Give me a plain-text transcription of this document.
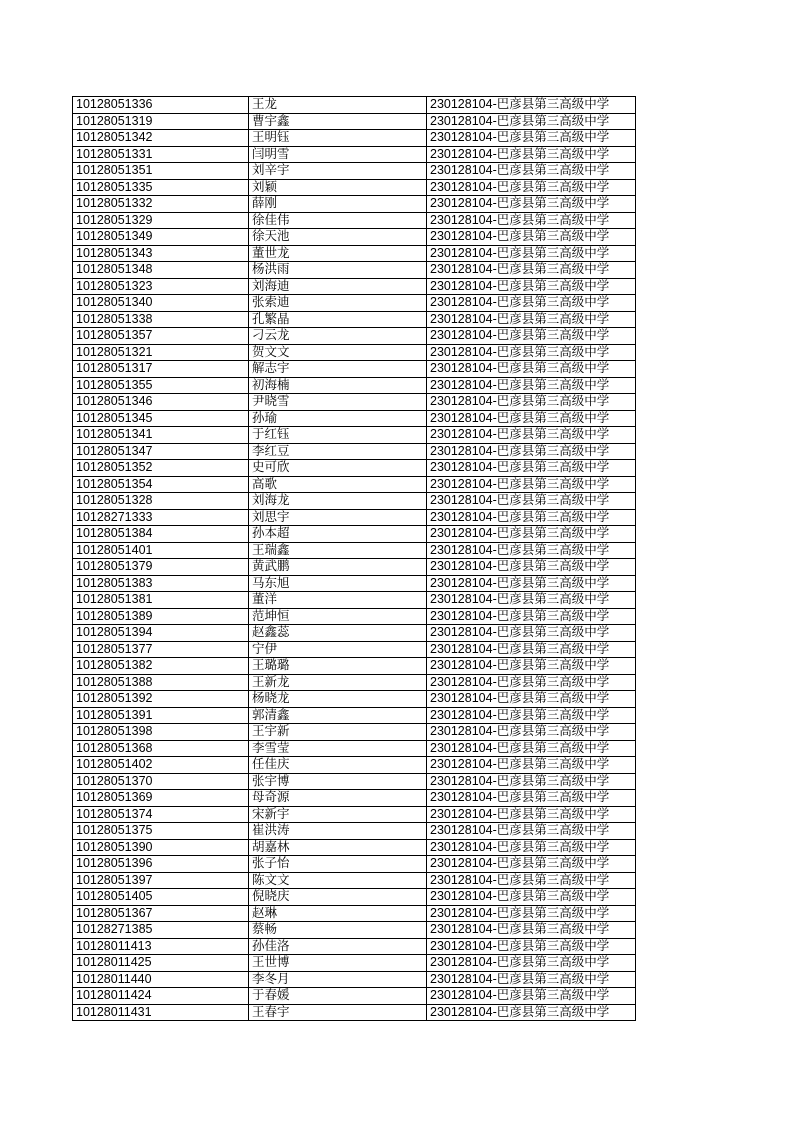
10128051336	王龙	230128104-巴彦县第三高级中学
10128051319	曹宇鑫	230128104-巴彦县第三高级中学
10128051342	王明钰	230128104-巴彦县第三高级中学
10128051331	闫明雪	230128104-巴彦县第三高级中学
10128051351	刘辛宇	230128104-巴彦县第三高级中学
10128051335	刘颖	230128104-巴彦县第三高级中学
10128051332	薛刚	230128104-巴彦县第三高级中学
10128051329	徐佳伟	230128104-巴彦县第三高级中学
10128051349	徐天池	230128104-巴彦县第三高级中学
10128051343	董世龙	230128104-巴彦县第三高级中学
10128051348	杨洪雨	230128104-巴彦县第三高级中学
10128051323	刘海迪	230128104-巴彦县第三高级中学
10128051340	张索迪	230128104-巴彦县第三高级中学
10128051338	孔繁晶	230128104-巴彦县第三高级中学
10128051357	刁云龙	230128104-巴彦县第三高级中学
10128051321	贺文文	230128104-巴彦县第三高级中学
10128051317	解志宇	230128104-巴彦县第三高级中学
10128051355	初海楠	230128104-巴彦县第三高级中学
10128051346	尹晓雪	230128104-巴彦县第三高级中学
10128051345	孙瑜	230128104-巴彦县第三高级中学
10128051341	于红钰	230128104-巴彦县第三高级中学
10128051347	李红豆	230128104-巴彦县第三高级中学
10128051352	史可欣	230128104-巴彦县第三高级中学
10128051354	高歌	230128104-巴彦县第三高级中学
10128051328	刘海龙	230128104-巴彦县第三高级中学
10128271333	刘思宇	230128104-巴彦县第三高级中学
10128051384	孙本超	230128104-巴彦县第三高级中学
10128051401	王瑞鑫	230128104-巴彦县第三高级中学
10128051379	黄武鹏	230128104-巴彦县第三高级中学
10128051383	马东旭	230128104-巴彦县第三高级中学
10128051381	董洋	230128104-巴彦县第三高级中学
10128051389	范坤恒	230128104-巴彦县第三高级中学
10128051394	赵鑫蕊	230128104-巴彦县第三高级中学
10128051377	宁伊	230128104-巴彦县第三高级中学
10128051382	王璐璐	230128104-巴彦县第三高级中学
10128051388	王新龙	230128104-巴彦县第三高级中学
10128051392	杨晓龙	230128104-巴彦县第三高级中学
10128051391	郭清鑫	230128104-巴彦县第三高级中学
10128051398	王宇新	230128104-巴彦县第三高级中学
10128051368	李雪莹	230128104-巴彦县第三高级中学
10128051402	任佳庆	230128104-巴彦县第三高级中学
10128051370	张宇博	230128104-巴彦县第三高级中学
10128051369	母奇源	230128104-巴彦县第三高级中学
10128051374	宋新宇	230128104-巴彦县第三高级中学
10128051375	崔洪涛	230128104-巴彦县第三高级中学
10128051390	胡嘉林	230128104-巴彦县第三高级中学
10128051396	张子怡	230128104-巴彦县第三高级中学
10128051397	陈文文	230128104-巴彦县第三高级中学
10128051405	倪晓庆	230128104-巴彦县第三高级中学
10128051367	赵琳	230128104-巴彦县第三高级中学
10128271385	蔡畅	230128104-巴彦县第三高级中学
10128011413	孙佳洛	230128104-巴彦县第三高级中学
10128011425	王世博	230128104-巴彦县第三高级中学
10128011440	李冬月	230128104-巴彦县第三高级中学
10128011424	于春媛	230128104-巴彦县第三高级中学
10128011431	王春宇	230128104-巴彦县第三高级中学
